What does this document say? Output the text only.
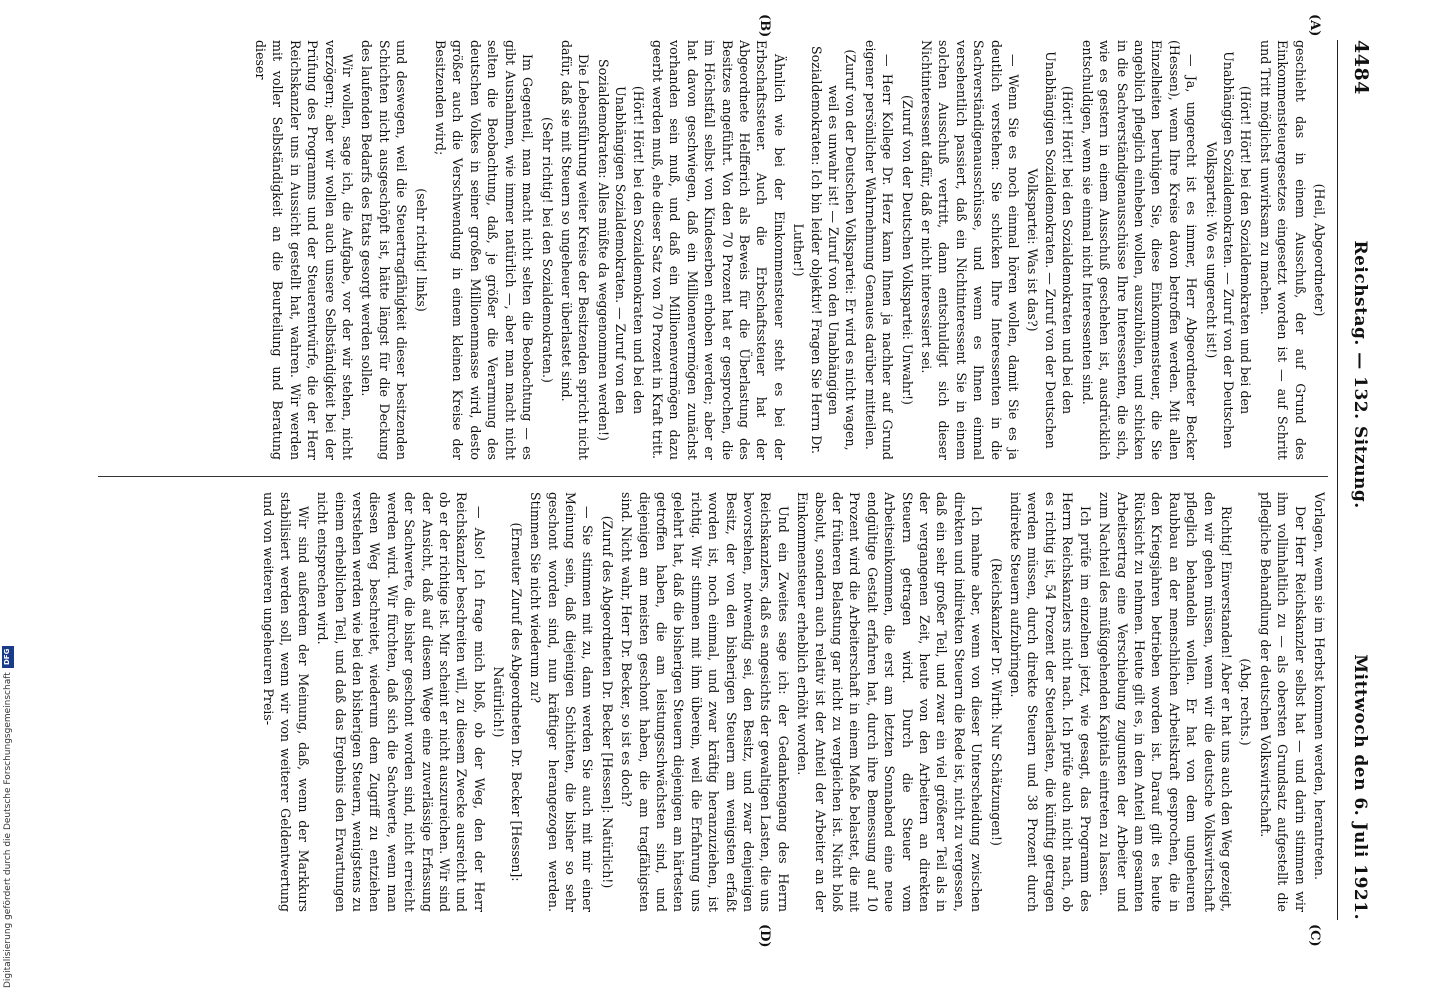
4484
Reichstag. — 132. Sitzung.
Mittwoch den 6. Juli 1921.
(A)
(B)
(C)
(D)

(Heil, Abgeordneter)

geschieht das in einem Ausschuß, der auf Grund des Einkommensteuergesetzes eingesetzt worden ist — auf Schritt und Tritt möglichst unwirksam zu machen.

(Hört! Hört! bei den Sozialdemokraten und bei den Unabhängigen Sozialdemokraten. — Zuruf von der Deutschen Volkspartei: Wo es ungerecht ist!)

— Ja, ungerecht ist es immer, Herr Abgeordneter Becker (Hessen), wenn Ihre Kreise davon betroffen werden. Mit allen Einzelheiten beruhigen Sie, diese Einkommensteuer, die Sie angeblich pfleglich einheben wollen, auszuhöhlen, und schicken in die Sachverständigenausschüsse Ihre Interessenten, die sich, wie es gestern in einem Ausschuß geschehen ist, ausdrücklich entschuldigen, wenn sie einmal nicht Interessenten sind.

(Hört! Hört! bei den Sozialdemokraten und bei den Unabhängigen Sozialdemokraten. — Zuruf von der Deutschen Volkspartei: Was ist das?)

— Wenn Sie es noch einmal hören wollen, damit Sie es ja deutlich verstehen: Sie schicken Ihre Interessenten in die Sachverständigenausschüsse, und wenn es Ihnen einmal versehentlich passiert, daß ein Nichtinteressent Sie in einem solchen Ausschuß vertritt, dann entschuldigt sich dieser Nichtinteressent dafür, daß er nicht interessiert sei.

(Zuruf von der Deutschen Volkspartei: Unwahr!)

— Herr Kollege Dr. Herz kann Ihnen ja nachher auf Grund eigener persönlicher Wahrnehmung Genaues darüber mitteilen.

(Zuruf von der Deutschen Volkspartei: Er wird es nicht wagen, weil es unwahr ist! — Zuruf von den Unabhängigen Sozialdemokraten: Ich bin leider objektiv! Fragen Sie Herrn Dr. Luther!)

Ähnlich wie bei der Einkommensteuer steht es bei der Erbschaftssteuer. Auch die Erbschaftssteuer hat der Abgeordnete Helfferich als Beweis für die Überlastung des Besitzes angeführt. Von den 70 Prozent hat er gesprochen, die im Höchstfall selbst von Kindeserben erhoben werden; aber er hat davon geschwiegen, daß ein Millionenvermögen zunächst vorhanden sein muß, und daß ein Millionenvermögen dazu geerbt werden muß, ehe dieser Satz von 70 Prozent in Kraft tritt.

(Hört! Hört! bei den Sozialdemokraten und bei den Unabhängigen Sozialdemokraten. — Zuruf von den Sozialdemokraten: Alles müßte da weggenommen werden!)

Die Lebensführung weiter Kreise der Besitzenden spricht nicht dafür, daß sie mit Steuern so ungeheuer überlastet sind.

(Sehr richtig! bei den Sozialdemokraten.)

Im Gegenteil, man macht nicht selten die Beobachtung — es gibt Ausnahmen, wie immer natürlich —, aber man macht nicht selten die Beobachtung, daß, je größer die Verarmung des deutschen Volkes in seiner großen Millionenmasse wird, desto größer auch die Verschwendung in einem kleinen Kreise der Besitzenden wird;

(sehr richtig! links)

und deswegen, weil die Steuertragfähigkeit dieser besitzenden Schichten nicht ausgeschöpft ist, hätte längst für die Deckung des laufenden Bedarfs des Etats gesorgt werden sollen.

Wir wollen, sage ich, die Aufgabe, vor der wir stehen, nicht verzögern; aber wir wollen auch unsere Selbständigkeit bei der Prüfung des Programms und der Steuerentwürfe, die der Herr Reichskanzler uns in Aussicht gestellt hat, wahren. Wir werden mit voller Selbständigkeit an die Beurteilung und Beratung dieser

Vorlagen, wenn sie im Herbst kommen werden, herantreten.

Der Herr Reichskanzler selbst hat — und darin stimmen wir ihm vollinhaltlich zu — als obersten Grundsatz aufgestellt die pflegliche Behandlung der deutschen Volkswirtschaft.

(Abg. rechts.)

Richtig! Einverstanden! Aber er hat uns auch den Weg gezeigt, den wir gehen müssen, wenn wir die deutsche Volkswirtschaft pfleglich behandeln wollen. Er hat von dem ungeheuren Raubbau an der menschlichen Arbeitskraft gesprochen, die in den Kriegsjahren betrieben worden ist. Darauf gilt es heute Rücksicht zu nehmen. Heute gilt es, in dem Anteil am gesamten Arbeitsertrag eine Verschiebung zugunsten der Arbeiter und zum Nachteil des müßiggehenden Kapitals eintreten zu lassen.

Ich prüfe im einzelnen jetzt, wie gesagt, das Programm des Herrn Reichskanzlers nicht nach. Ich prüfe auch nicht nach, ob es richtig ist, 54 Prozent der Steuerlasten, die künftig getragen werden müssen, durch direkte Steuern und 38 Prozent durch indirekte Steuern aufzubringen.

(Reichskanzler Dr. Wirth: Nur Schätzungen!)

Ich mahne aber, wenn von dieser Unterscheidung zwischen direkten und indirekten Steuern die Rede ist, nicht zu vergessen, daß ein sehr großer Teil, und zwar ein viel größerer Teil als in der vergangenen Zeit, heute von den Arbeitern an direkten Steuern getragen wird. Durch die Steuer vom Arbeitseinkommen, die erst am letzten Sonnabend eine neue endgültige Gestalt erfahren hat, durch ihre Bemessung auf 10 Prozent wird die Arbeiterschaft in einem Maße belastet, die mit der früheren Belastung gar nicht zu vergleichen ist. Nicht bloß absolut, sondern auch relativ ist der Anteil der Arbeiter an der Einkommensteuer erheblich erhöht worden.

Und ein Zweites sage ich: der Gedankengang des Herrn Reichskanzlers, daß es angesichts der gewaltigen Lasten, die uns bevorstehen, notwendig sei, den Besitz, und zwar denjenigen Besitz, der von den bisherigen Steuern am wenigsten erfaßt worden ist, noch einmal, und zwar kräftig heranzuziehen, ist richtig. Wir stimmen mit ihm überein, weil die Erfahrung uns gelehrt hat, daß die bisherigen Steuern diejenigen am härtesten getroffen haben, die am leistungsschwächsten sind, und diejenigen am meisten geschont haben, die am tragfähigsten sind. Nicht wahr, Herr Dr. Becker, so ist es doch?

(Zuruf des Abgeordneten Dr. Becker [Hessen]: Natürlich!)

— Sie stimmen mit zu, dann werden Sie auch mit mir einer Meinung sein, daß diejenigen Schichten, die bisher so sehr geschont worden sind, nun kräftiger herangezogen werden. Stimmen Sie nicht wiederum zu?

(Erneuter Zuruf des Abgeordneten Dr. Becker [Hessen]: Natürlich!)

— Also! Ich frage mich bloß, ob der Weg, den der Herr Reichskanzler beschreiten will, zu diesem Zwecke ausreicht und ob er der richtige ist. Mir scheint er nicht auszureichen. Wir sind der Ansicht, daß auf diesem Wege eine zuverlässige Erfassung der Sachwerte, die bisher geschont worden sind, nicht erreicht werden wird. Wir fürchten, daß sich die Sachwerte, wenn man diesen Weg beschreitet, wiederum dem Zugriff zu entziehen verstehen werden wie bei den bisherigen Steuern, wenigstens zu einem erheblichen Teil, und daß das Ergebnis den Erwartungen nicht entsprechen wird.

Wir sind außerdem der Meinung, daß, wenn der Markkurs stabilisiert werden soll, wenn wir von weiterer Geldentwertung und von weiteren ungeheuren Preis-

Digitalisierung gefördert durch die Deutsche Forschungsgemeinschaft
DFG
